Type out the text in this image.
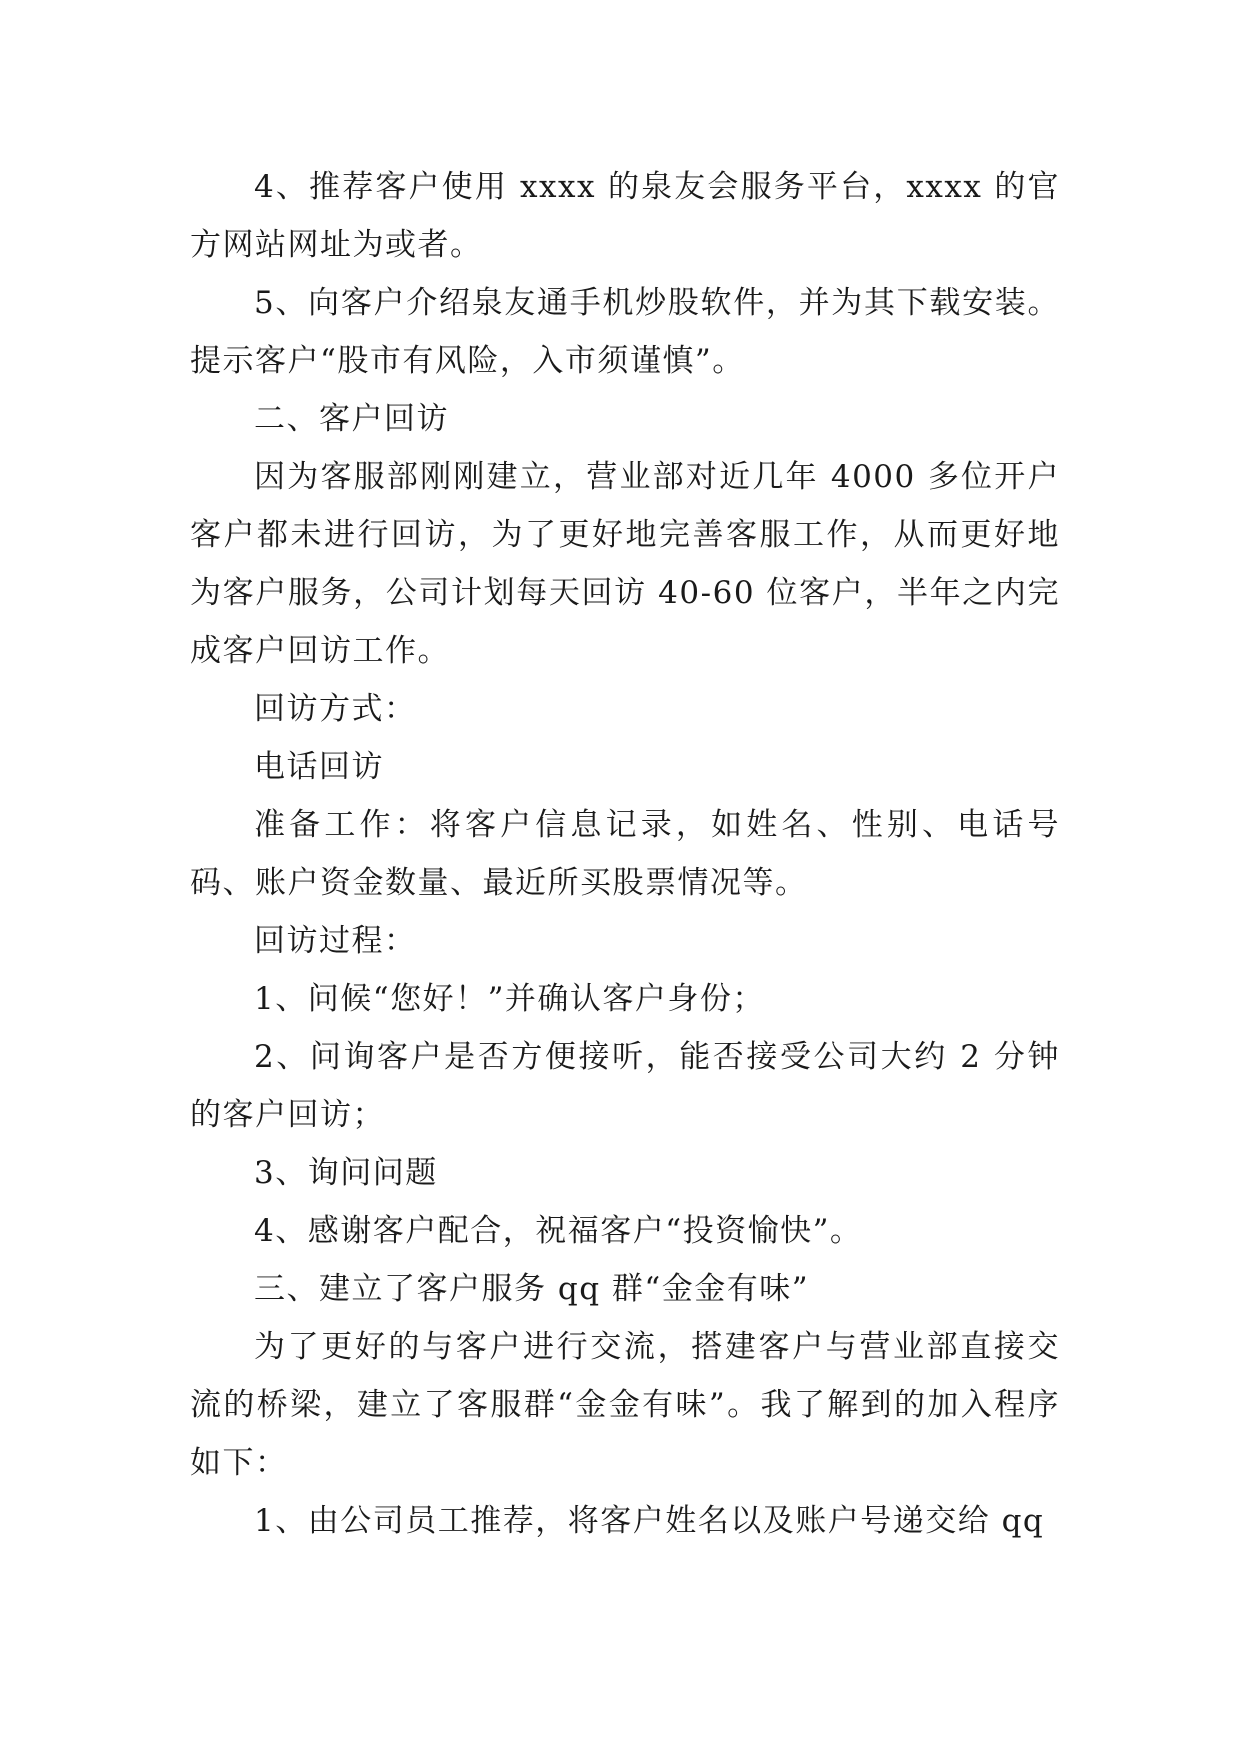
4、推荐客户使用 xxxx 的泉友会服务平台，xxxx 的官方网站网址为或者。

5、向客户介绍泉友通手机炒股软件，并为其下载安装。提示客户“股市有风险，入市须谨慎”。

二、客户回访

因为客服部刚刚建立，营业部对近几年 4000 多位开户客户都未进行回访，为了更好地完善客服工作，从而更好地为客户服务，公司计划每天回访 40-60 位客户，半年之内完成客户回访工作。

回访方式：

电话回访

准备工作：将客户信息记录，如姓名、性别、电话号码、账户资金数量、最近所买股票情况等。

回访过程：

1、问候“您好！”并确认客户身份；

2、问询客户是否方便接听，能否接受公司大约 2 分钟的客户回访；

3、询问问题

4、感谢客户配合，祝福客户“投资愉快”。

三、建立了客户服务 qq 群“金金有味”

为了更好的与客户进行交流，搭建客户与营业部直接交流的桥梁，建立了客服群“金金有味”。我了解到的加入程序如下：

1、由公司员工推荐，将客户姓名以及账户号递交给 qq
